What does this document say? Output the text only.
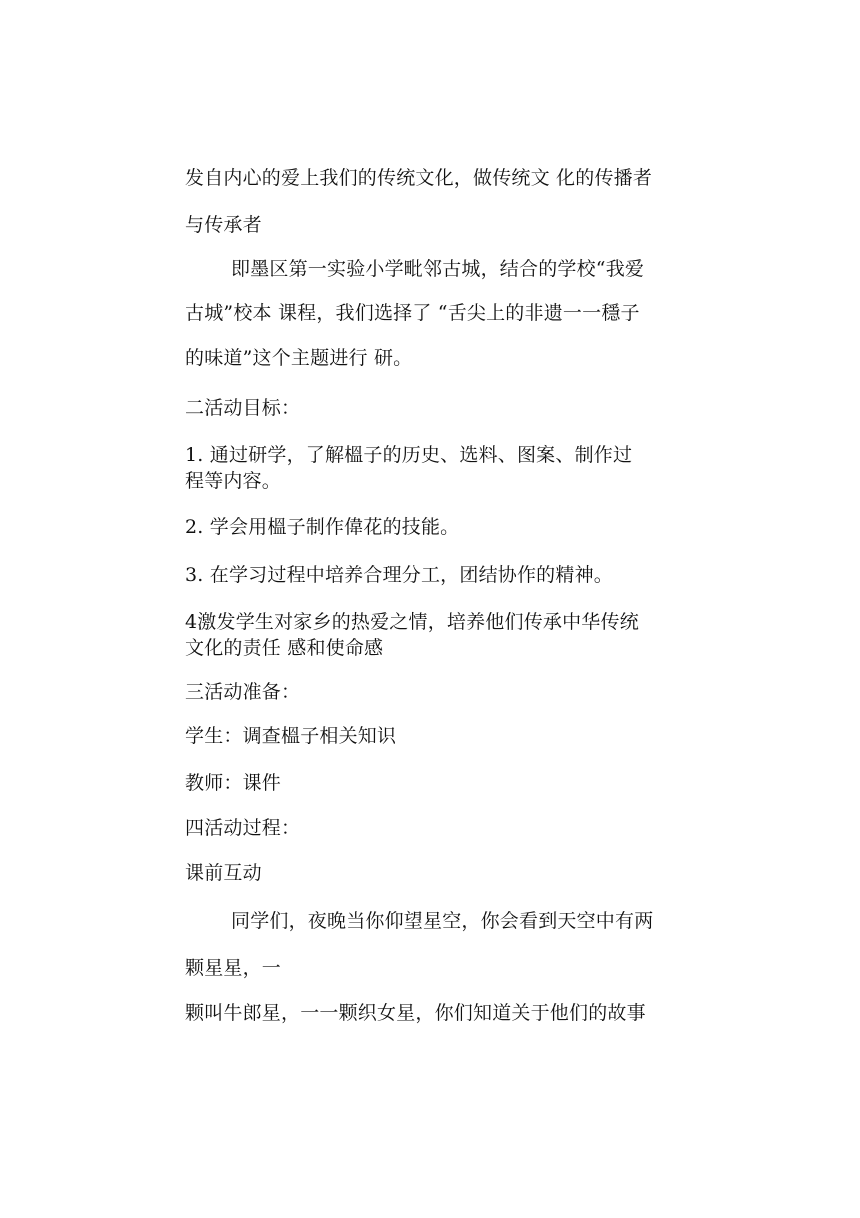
发自内心的爱上我们的传统文化，做传统文 化的传播者
与传承者
即墨区第一实验小学毗邻古城，结合的学校“我爱
古城”校本 课程，我们选择了 “舌尖上的非遗一一穩子
的味道”这个主题进行 研。
二活动目标：
1. 通过研学，了解榲子的历史、选料、图案、制作过
程等内容。
2. 学会用榲子制作偉花的技能。
3. 在学习过程中培养合理分工，团结协作的精神。
4激发学生对家乡的热爱之情，培养他们传承中华传统
文化的责任 感和使命感
三活动准备：
学生：调查榲子相关知识
教师：课件
四活动过程：
课前互动
同学们，夜晚当你仰望星空，你会看到天空中有两
颗星星，一
颗叫牛郎星，一一颗织女星，你们知道关于他们的故事
